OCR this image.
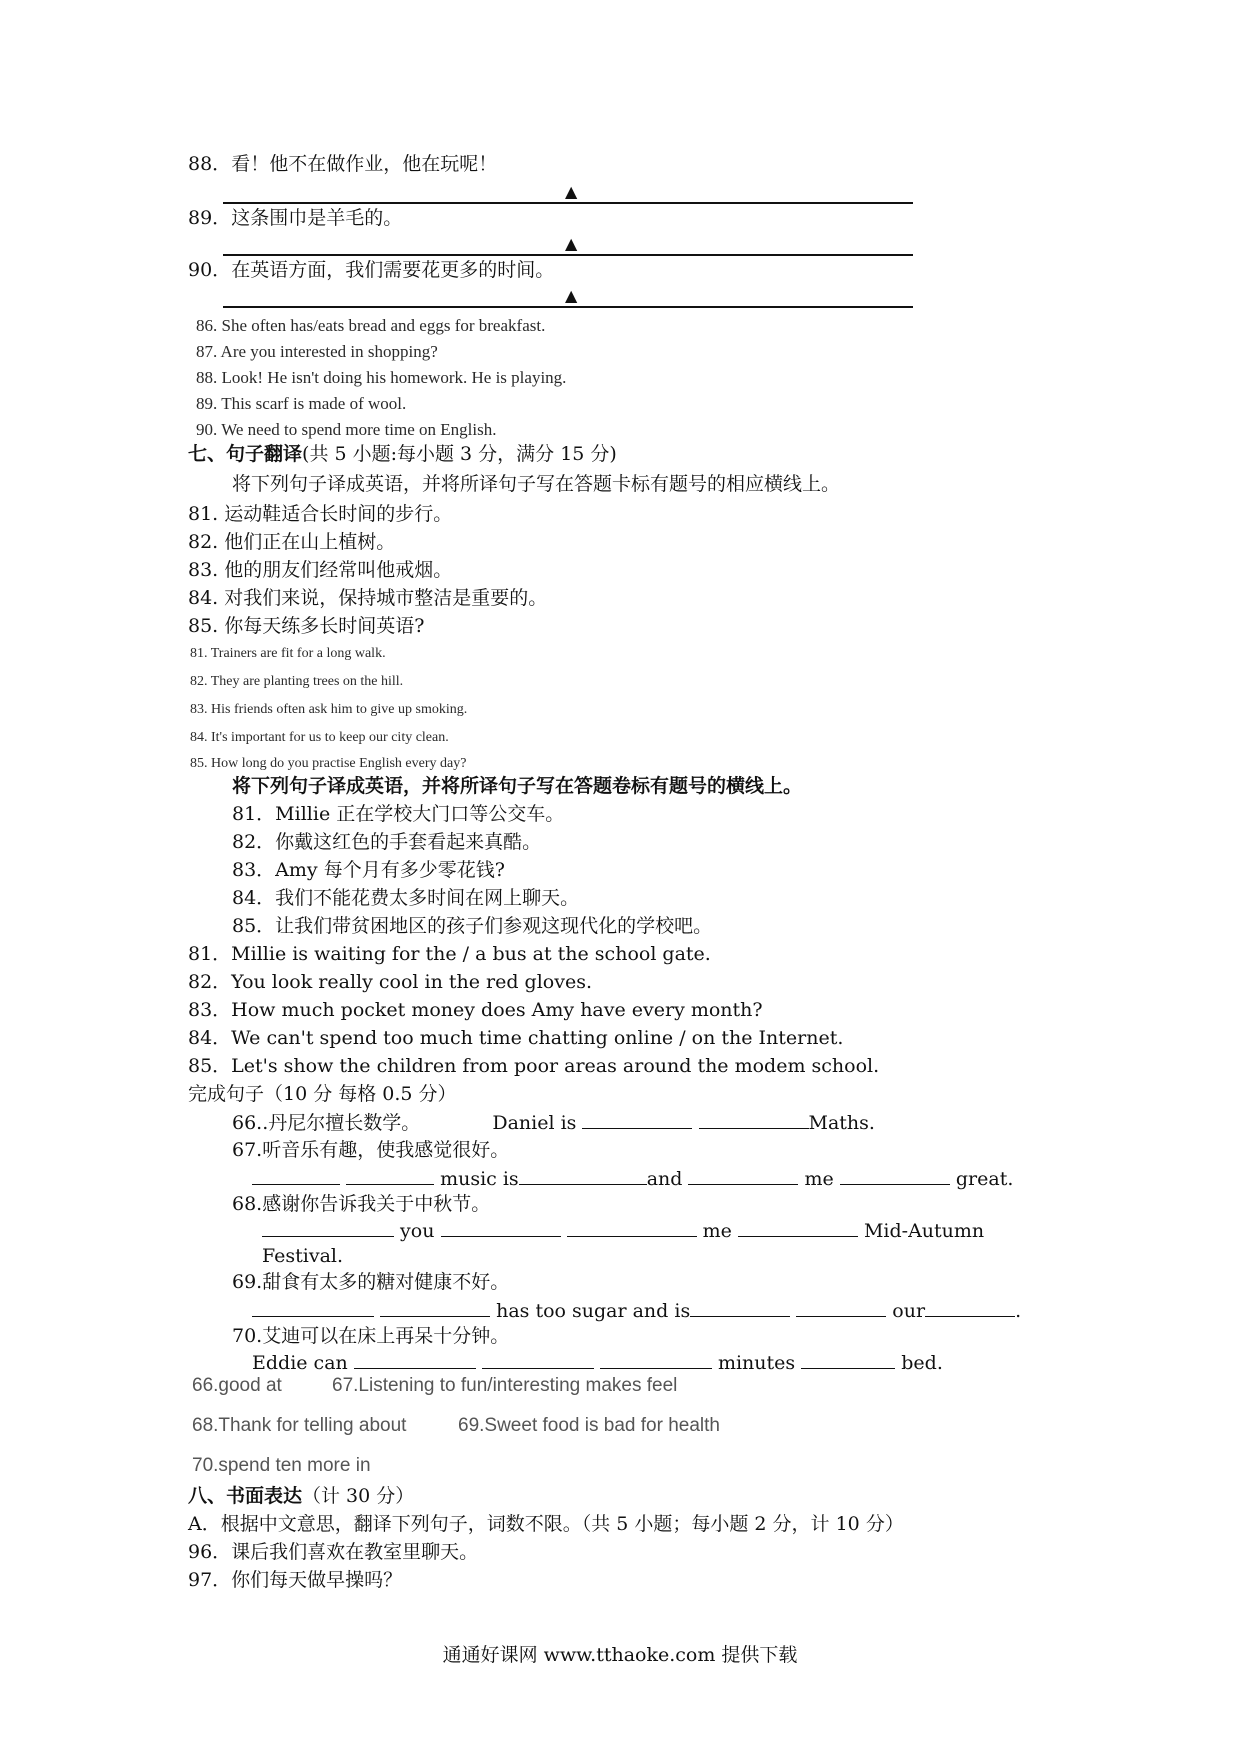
88．看！他不在做作业，他在玩呢！
▲
89．这条围巾是羊毛的。
▲
90．在英语方面，我们需要花更多的时间。
▲
86. She often has/eats bread and eggs for breakfast.
87. Are you interested in shopping?
88. Look! He isn't doing his homework. He is playing.
89. This scarf is made of wool.
90. We need to spend more time on English.
七、句子翻译(共 5 小题:每小题 3 分，满分 15 分)
将下列句子译成英语，并将所译句子写在答题卡标有题号的相应横线上。
81. 运动鞋适合长时间的步行。
82. 他们正在山上植树。
83. 他的朋友们经常叫他戒烟。
84. 对我们来说，保持城市整洁是重要的。
85. 你每天练多长时间英语?
81. Trainers are fit for a long walk.
82. They are planting trees on the hill.
83. His friends often ask him to give up smoking.
84. It's important for us to keep our city clean.
85. How long do you practise English every day?
将下列句子译成英语，并将所译句子写在答题卷标有题号的横线上。
81．Millie 正在学校大门口等公交车。
82．你戴这红色的手套看起来真酷。
83．Amy 每个月有多少零花钱?
84．我们不能花费太多时间在网上聊天。
85．让我们带贫困地区的孩子们参观这现代化的学校吧。
81．Millie is waiting for the / a bus at the school gate.
82．You look really cool in the red gloves.
83．How much pocket money does Amy have every month?
84．We can't spend too much time chatting online / on the Internet.
85．Let's show the children from poor areas around the modem school.
完成句子（10 分 每格 0.5 分）
66..丹尼尔擅长数学。	Daniel is	Maths.
67.听音乐有趣，使我感觉很好。
music is	and	me	great.
68.感谢你告诉我关于中秋节。
you	me	Mid-Autumn
Festival.
69.甜食有太多的糖对健康不好。
has too sugar and is	our	.
70.艾迪可以在床上再呆十分钟。
Eddie can	minutes	bed.
66.good at	67.Listening to fun/interesting makes feel
68.Thank for telling about	69.Sweet food is bad for health
70.spend ten more in
八、书面表达（计 30 分）
A．根据中文意思，翻译下列句子，词数不限。（共 5 小题；每小题 2 分，计 10 分）
96．课后我们喜欢在教室里聊天。
97．你们每天做早操吗？
通通好课网 www.tthaoke.com 提供下载
